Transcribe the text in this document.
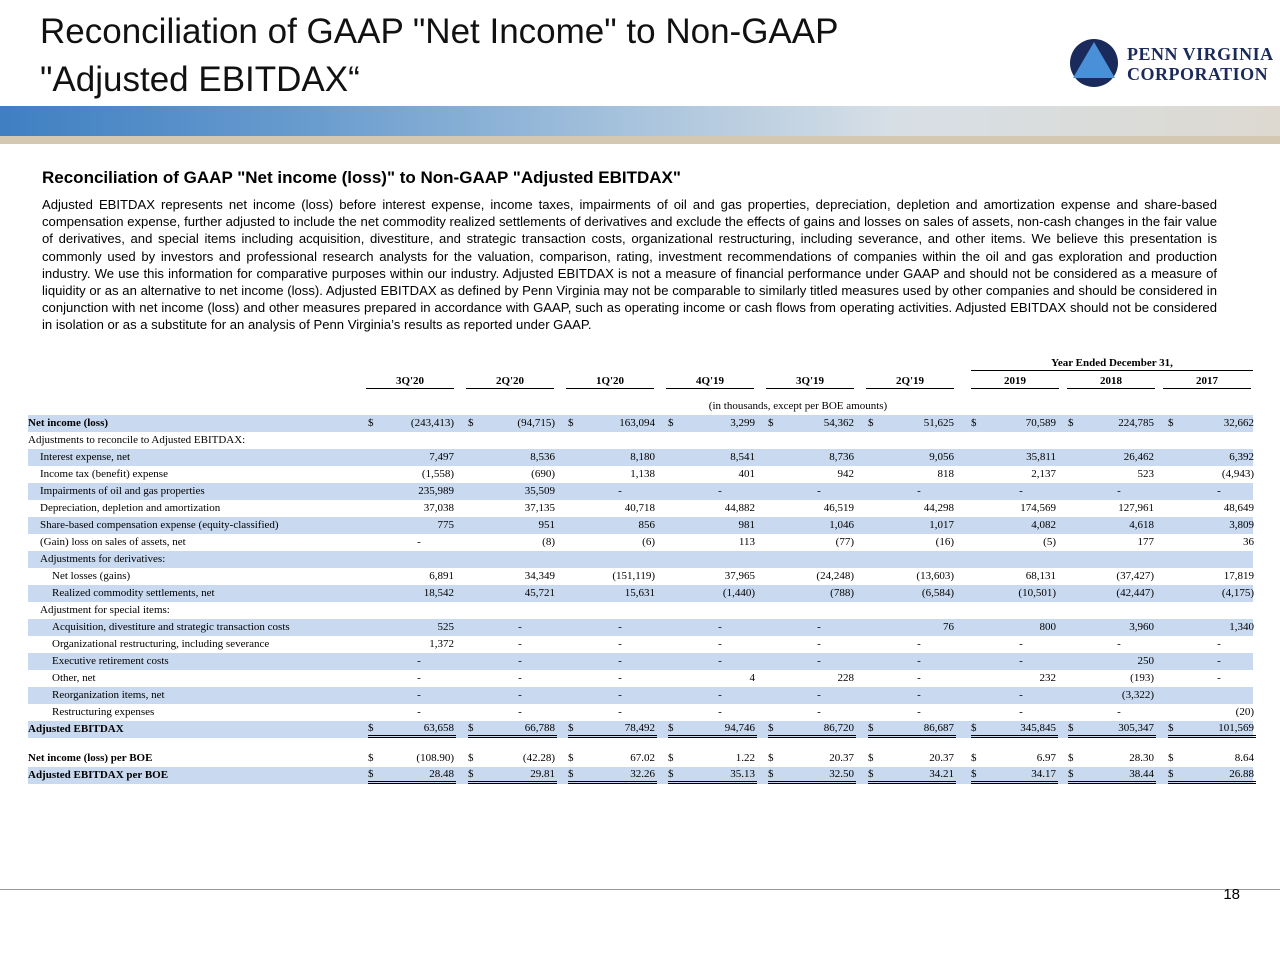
Reconciliation of GAAP "Net Income" to Non-GAAP
"Adjusted EBITDAX“
PENN VIRGINIA
CORPORATION
Reconciliation of GAAP "Net income (loss)" to Non-GAAP "Adjusted EBITDAX"

Adjusted EBITDAX represents net income (loss) before interest expense, income taxes, impairments of oil and gas properties, depreciation, depletion and amortization expense and share-based compensation expense, further adjusted to include the net commodity realized settlements of derivatives and exclude the effects of gains and losses on sales of assets, non-cash changes in the fair value of derivatives, and special items including acquisition, divestiture, and strategic transaction costs, organizational restructuring, including severance, and other items. We believe this presentation is commonly used by investors and professional research analysts for the valuation, comparison, rating, investment recommendations of companies within the oil and gas exploration and production industry. We use this information for comparative purposes within our industry. Adjusted EBITDAX is not a measure of financial performance under GAAP and should not be considered as a measure of liquidity or as an alternative to net income (loss). Adjusted EBITDAX as defined by Penn Virginia may not be comparable to similarly titled measures used by other companies and should be considered in conjunction with net income (loss) and other measures prepared in accordance with GAAP, such as operating income or cash flows from operating activities. Adjusted EBITDAX should not be considered in isolation or as a substitute for an analysis of Penn Virginia’s results as reported under GAAP.

Year Ended December 31,
3Q'20	2Q'20	1Q'20	4Q'19	3Q'19	2Q'19	2019	2018	2017
(in thousands, except per BOE amounts)
Net income (loss)	$	(243,413) $	(94,715) $	163,094 $	3,299 $	54,362 $	51,625 $	70,589 $	224,785 $	32,662
Adjustments to reconcile to Adjusted EBITDAX:
Interest expense, net	7,497	8,536	8,180	8,541	8,736	9,056	35,811	26,462	6,392
Income tax (benefit) expense	(1,558)	(690)	1,138	401	942	818	2,137	523	(4,943)
Impairments of oil and gas properties	235,989	35,509	-	-	-	-	-	-	-
Depreciation, depletion and amortization	37,038	37,135	40,718	44,882	46,519	44,298	174,569	127,961	48,649
Share-based compensation expense (equity-classified)	775	951	856	981	1,046	1,017	4,082	4,618	3,809
(Gain) loss on sales of assets, net	-	(8)	(6)	113	(77)	(16)	(5)	177	36
Adjustments for derivatives:
Net losses (gains)	6,891	34,349	(151,119)	37,965	(24,248)	(13,603)	68,131	(37,427)	17,819
Realized commodity settlements, net	18,542	45,721	15,631	(1,440)	(788)	(6,584)	(10,501)	(42,447)	(4,175)
Adjustment for special items:
Acquisition, divestiture and strategic transaction costs	525	-	-	-	-	76	800	3,960	1,340
Organizational restructuring, including severance	1,372	-	-	-	-	-	-	-	-
Executive retirement costs	-	-	-	-	-	-	-	250	-
Other, net	-	-	-	4	228	-	232	(193)	-
Reorganization items, net	-	-	-	-	-	-	-	(3,322)
Restructuring expenses	-	-	-	-	-	-	-	-	(20)
Adjusted EBITDAX	$	63,658 $	66,788 $	78,492 $	94,746 $	86,720 $	86,687 $	345,845 $	305,347 $	101,569
Net income (loss) per BOE	$	(108.90) $	(42.28) $	67.02 $	1.22 $	20.37 $	20.37 $	6.97 $	28.30 $	8.64
Adjusted EBITDAX per BOE	$	28.48 $	29.81 $	32.26 $	35.13 $	32.50 $	34.21 $	34.17 $	38.44 $	26.88
18
